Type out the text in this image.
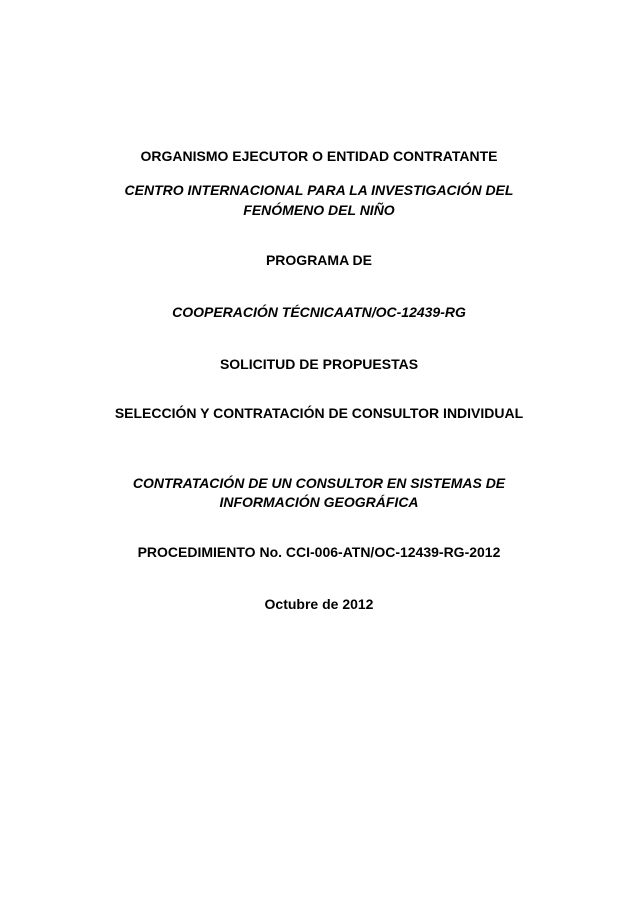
ORGANISMO EJECUTOR O ENTIDAD CONTRATANTE
CENTRO INTERNACIONAL PARA LA INVESTIGACIÓN DEL
FENÓMENO DEL NIÑO
PROGRAMA DE
COOPERACIÓN TÉCNICAATN/OC-12439-RG
SOLICITUD DE PROPUESTAS
SELECCIÓN Y CONTRATACIÓN DE CONSULTOR INDIVIDUAL
CONTRATACIÓN DE UN CONSULTOR EN SISTEMAS DE
INFORMACIÓN GEOGRÁFICA
PROCEDIMIENTO No. CCI-006-ATN/OC-12439-RG-2012
Octubre de 2012
